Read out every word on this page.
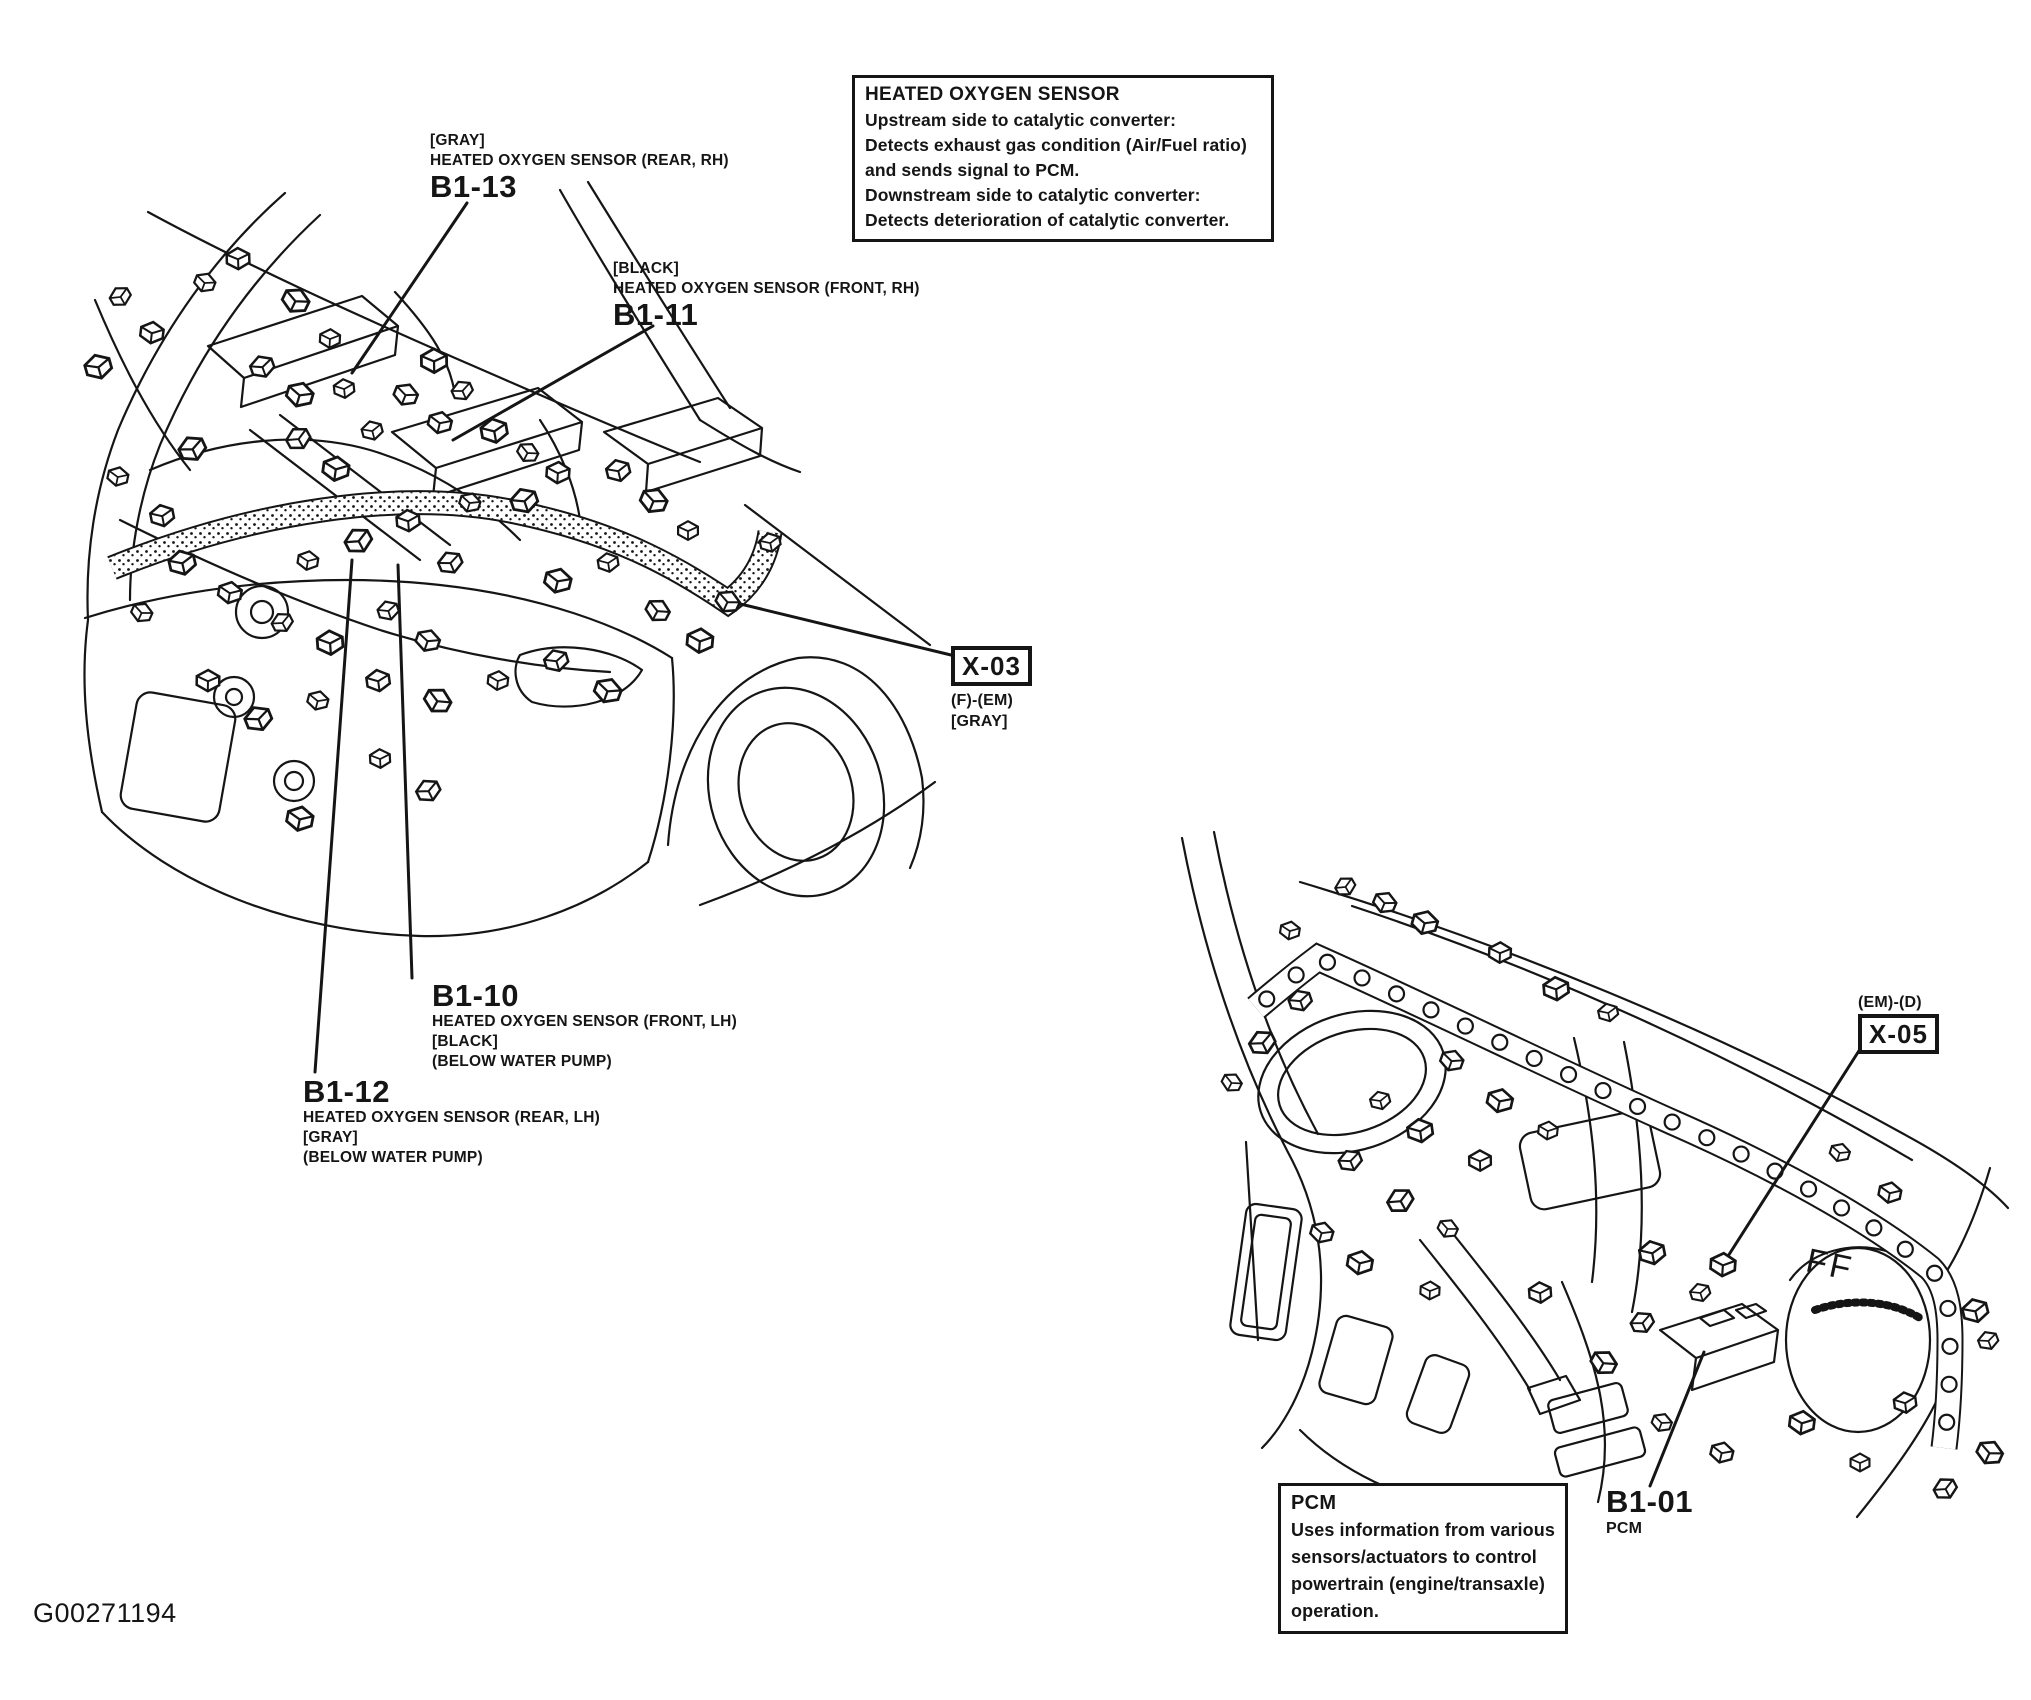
[GRAY]
HEATED OXYGEN SENSOR (REAR, RH)
B1-13
[BLACK]
HEATED OXYGEN SENSOR (FRONT, RH)
B1-11
HEATED OXYGEN SENSOR
Upstream side to catalytic converter:
Detects exhaust gas condition (Air/Fuel ratio)
and sends signal to PCM.
Downstream side to catalytic converter:
Detects deterioration of catalytic converter.
X-03
(F)-(EM)
[GRAY]
B1-10
HEATED OXYGEN SENSOR (FRONT, LH)
[BLACK]
(BELOW WATER PUMP)
B1-12
HEATED OXYGEN SENSOR (REAR, LH)
[GRAY]
(BELOW WATER PUMP)
(EM)-(D)
X-05
PCM
Uses information from various
sensors/actuators to control
powertrain (engine/transaxle)
operation.
B1-01
PCM
FF
G00271194
